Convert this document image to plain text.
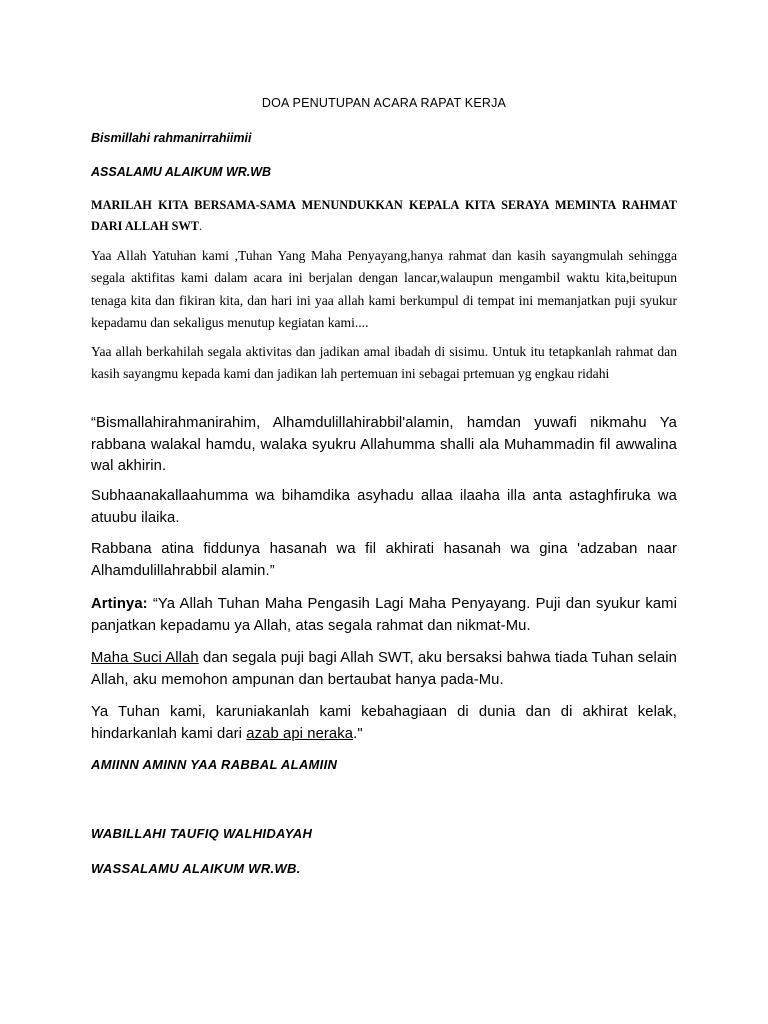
DOA PENUTUPAN ACARA RAPAT KERJA
Bismillahi rahmanirrahiimii
ASSALAMU ALAIKUM WR.WB
MARILAH KITA BERSAMA-SAMA MENUNDUKKAN KEPALA KITA SERAYA MEMINTA RAHMAT DARI ALLAH SWT.
Yaa Allah Yatuhan kami ,Tuhan Yang Maha Penyayang,hanya rahmat dan kasih sayangmulah sehingga segala aktifitas kami dalam acara ini berjalan dengan lancar,walaupun mengambil waktu kita,beitupun tenaga kita dan fikiran kita, dan hari ini yaa allah kami berkumpul di tempat ini memanjatkan puji syukur kepadamu dan sekaligus menutup kegiatan kami....
Yaa allah berkahilah segala aktivitas dan jadikan amal ibadah di sisimu. Untuk itu tetapkanlah rahmat dan kasih sayangmu kepada kami dan jadikan lah pertemuan ini sebagai prtemuan yg engkau ridahi
“Bismallahirahmanirahim, Alhamdulillahirabbil'alamin, hamdan yuwafi nikmahu Ya rabbana walakal hamdu, walaka syukru Allahumma shalli ala Muhammadin fil awwalina wal akhirin.
Subhaanakallaahumma wa bihamdika asyhadu allaa ilaaha illa anta astaghfiruka wa atuubu ilaika.
Rabbana atina fiddunya hasanah wa fil akhirati hasanah wa gina 'adzaban naar Alhamdulillahrabbil alamin.”
Artinya: “Ya Allah Tuhan Maha Pengasih Lagi Maha Penyayang. Puji dan syukur kami panjatkan kepadamu ya Allah, atas segala rahmat dan nikmat-Mu.
Maha Suci Allah dan segala puji bagi Allah SWT, aku bersaksi bahwa tiada Tuhan selain Allah, aku memohon ampunan dan bertaubat hanya pada-Mu.
Ya Tuhan kami, karuniakanlah kami kebahagiaan di dunia dan di akhirat kelak, hindarkanlah kami dari azab api neraka."
AMIINN AMINN YAA RABBAL ALAMIIN
WABILLAHI TAUFIQ WALHIDAYAH
WASSALAMU ALAIKUM WR.WB.
